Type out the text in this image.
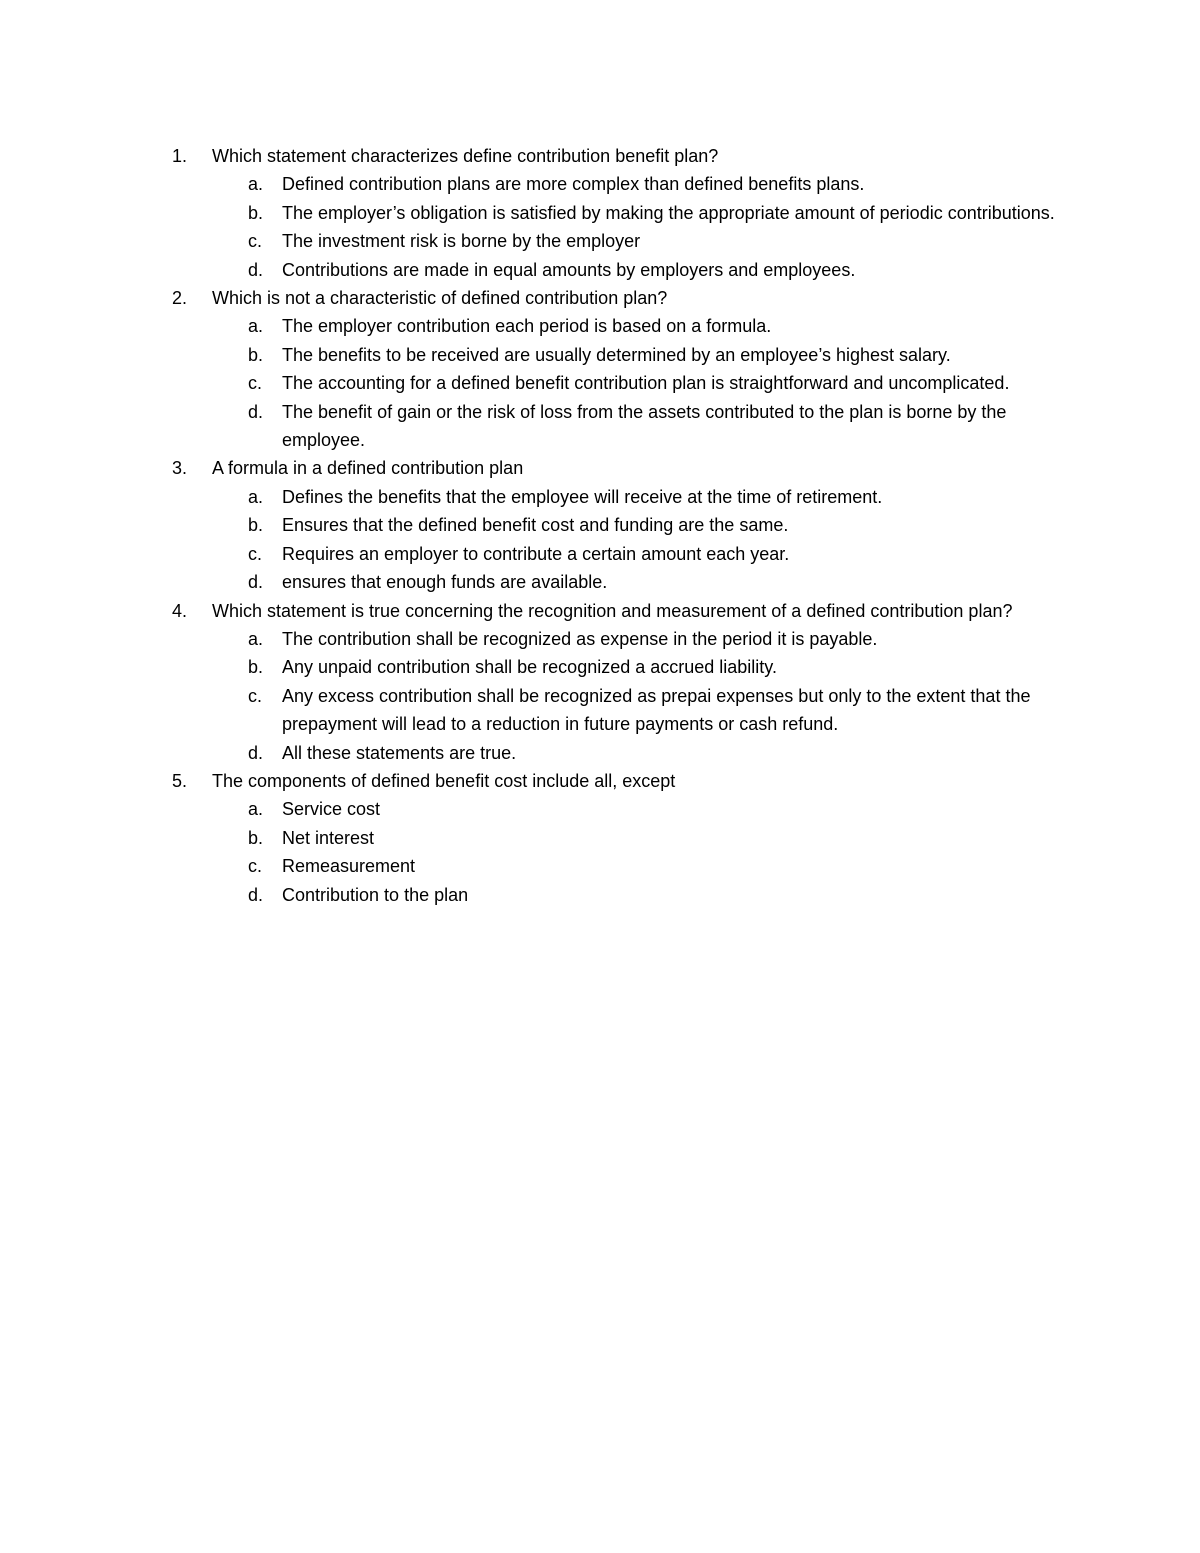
1.	Which statement characterizes define contribution benefit plan?
a.	Defined contribution plans are more complex than defined benefits plans.
b.	The employer’s obligation is satisfied by making the appropriate amount of periodic contributions.
c.	The investment risk is borne by the employer
d.	Contributions are made in equal amounts by employers and employees.
2.	Which is not a characteristic of defined contribution plan?
a.	The employer contribution each period is based on a formula.
b.	The benefits to be received are usually determined by an employee’s highest salary.
c.	The accounting for a defined benefit contribution plan is straightforward and uncomplicated.
d.	The benefit of gain or the risk of loss from the assets contributed to the plan is borne by the employee.
3.	A formula in a defined contribution plan
a.	Defines the benefits that the employee will receive at the time of retirement.
b.	Ensures that the defined benefit cost and funding are the same.
c.	Requires an employer to contribute a certain amount each year.
d.	ensures that enough funds are available.
4.	Which statement is true concerning the recognition and measurement of a defined contribution plan?
a.	The contribution shall be recognized as expense in the period it is payable.
b.	Any unpaid contribution shall be recognized a accrued liability.
c.	Any excess contribution shall be recognized as prepai expenses but only to the extent that the prepayment will lead to a reduction in future payments or cash refund.
d.	All these statements are true.
5.	The components of defined benefit cost include all, except
a.	Service cost
b.	Net interest
c.	Remeasurement
d.	Contribution to the plan
